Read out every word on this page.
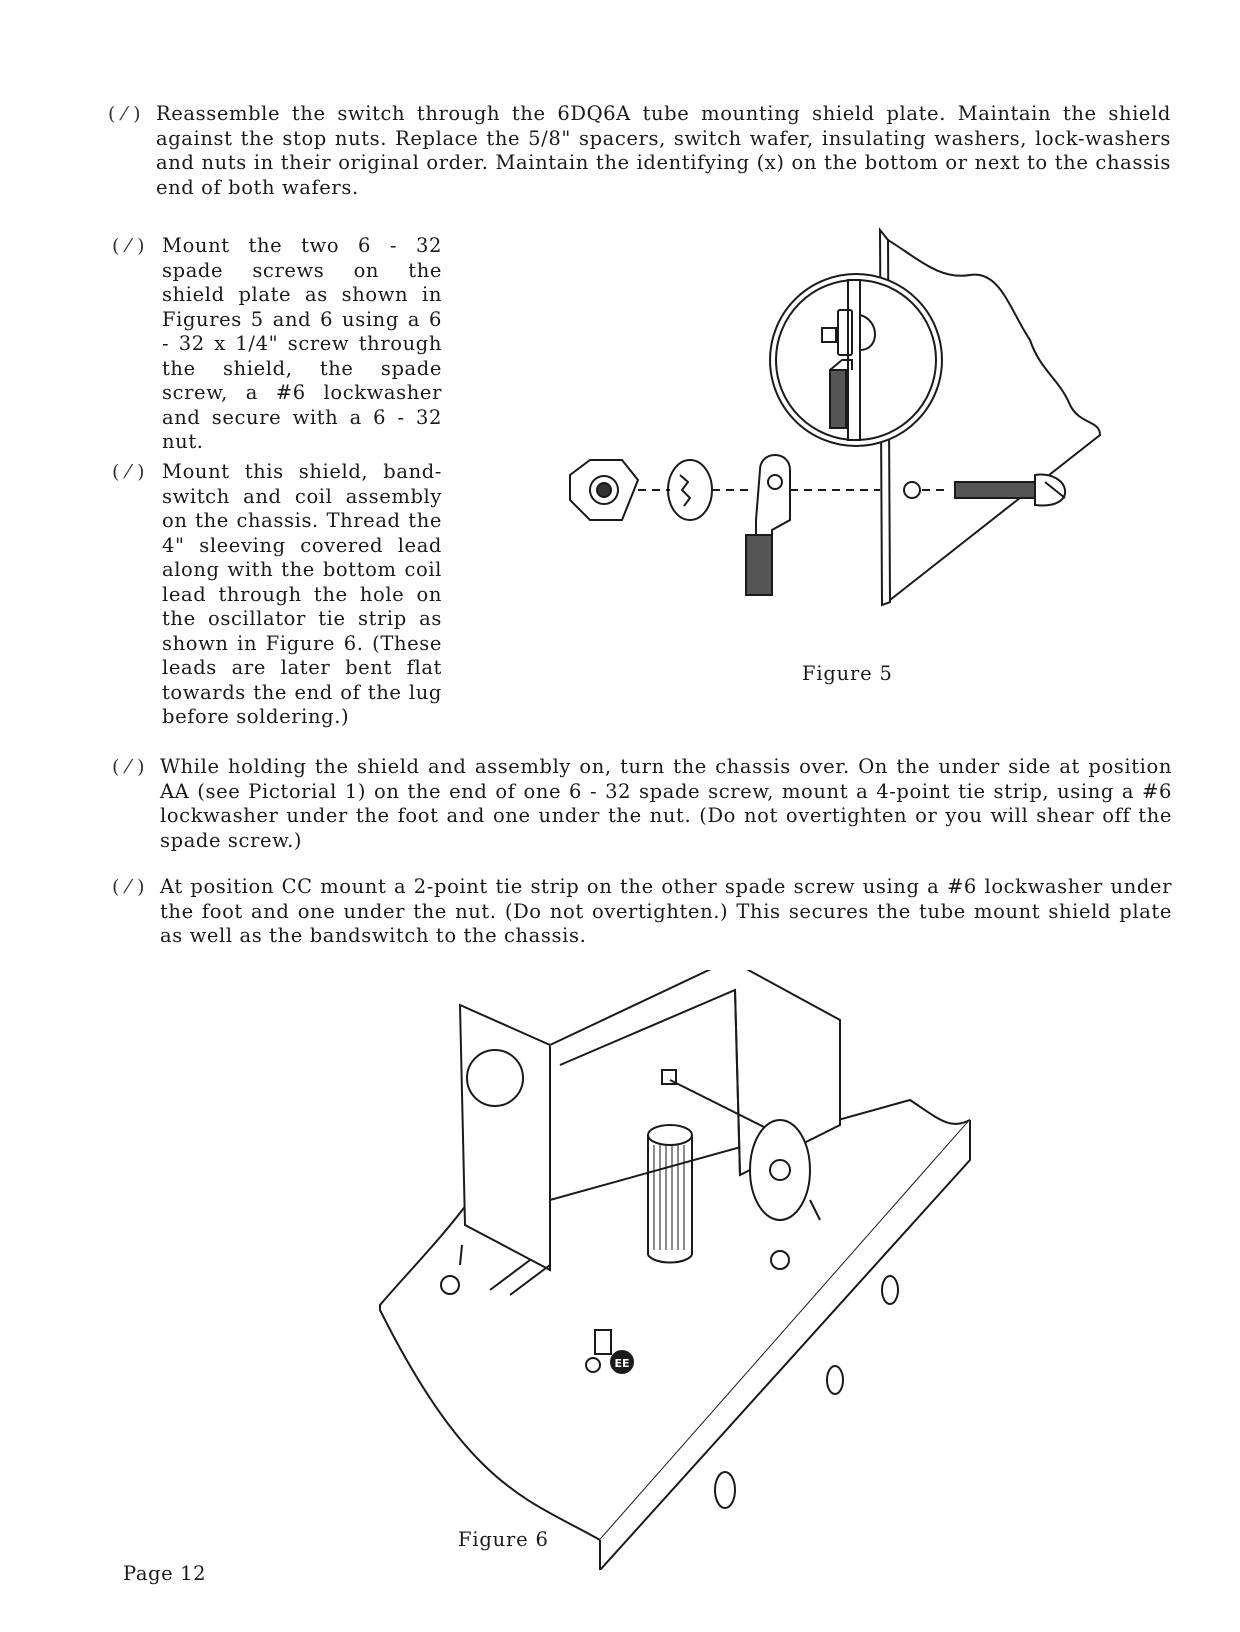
( ⁄ ) Reassemble the switch through the 6DQ6A tube mounting shield plate. Maintain the shield against the stop nuts. Replace the 5/8" spacers, switch wafer, insulating washers, lock-washers and nuts in their original order. Maintain the identifying (x) on the bottom or next to the chassis end of both wafers.
( ⁄ ) Mount the two 6 - 32 spade screws on the shield plate as shown in Figures 5 and 6 using a 6 - 32 x 1/4" screw through the shield, the spade screw, a #6 lockwasher and secure with a 6 - 32 nut.
( ⁄ ) Mount this shield, band-switch and coil assembly on the chassis. Thread the 4" sleeving covered lead along with the bottom coil lead through the hole on the oscillator tie strip as shown in Figure 6. (These leads are later bent flat towards the end of the lug before soldering.)
( ⁄ ) While holding the shield and assembly on, turn the chassis over. On the under side at position AA (see Pictorial 1) on the end of one 6 - 32 spade screw, mount a 4-point tie strip, using a #6 lockwasher under the foot and one under the nut. (Do not overtighten or you will shear off the spade screw.)
( ⁄ ) At position CC mount a 2-point tie strip on the other spade screw using a #6 lockwasher under the foot and one under the nut. (Do not overtighten.) This secures the tube mount shield plate as well as the bandswitch to the chassis.
Figure 5
EE
Figure 6
Page 12
